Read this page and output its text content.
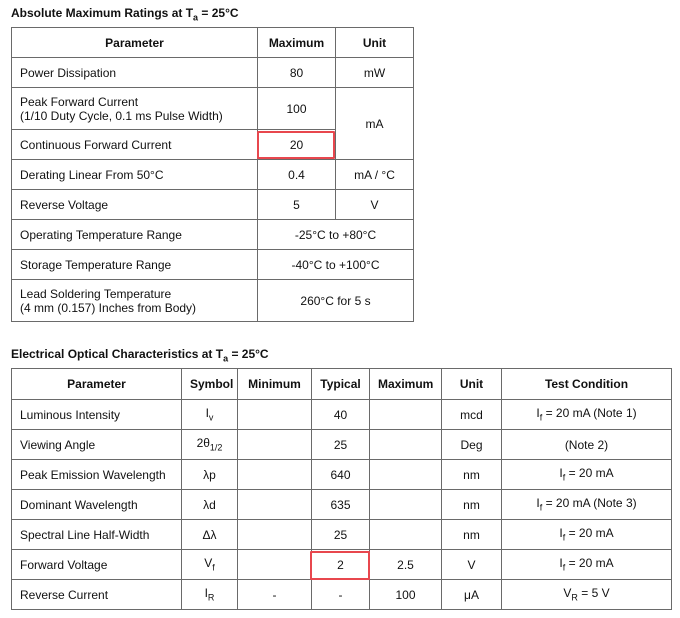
Absolute Maximum Ratings at $T_a = 25^\circ C$
Parameter	Maximum	Unit
Power Dissipation	80	mW

Peak Forward Current
(1/10 Duty Cycle, 0.1 ms Pulse Width)	100	mA
Continuous Forward Current	20	
Derating Linear From 50°C	0.4	mA / °C
Reverse Voltage	5	V
Operating Temperature Range	-25°C to +80°C	
Storage Temperature Range	-40°C to +100°C	

Lead Soldering Temperature
(4 mm (0.157) Inches from Body)	260°C for 5 s	
Electrical Optical Characteristics at $T_a = 25^\circ C$
Parameter	Symbol	Minimum	Typical	Maximum	Unit	Test Condition
Luminous Intensity	$I_v$		40		mcd	$I_f = 20$ mA (Note 1)
Viewing Angle	$2\theta_{1/2}$		25		Deg	(Note 2)
Peak Emission Wavelength	λp		640		nm	$I_f = 20$ mA
Dominant Wavelength	λd		635		nm	$I_f = 20$ mA (Note 3)
Spectral Line Half-Width	Δλ		25		nm	$I_f = 20$ mA
Forward Voltage	$V_f$		2	2.5	V	$I_f = 20$ mA
Reverse Current	$I_R$	-	-	100	μA	$V_R = 5$ V
